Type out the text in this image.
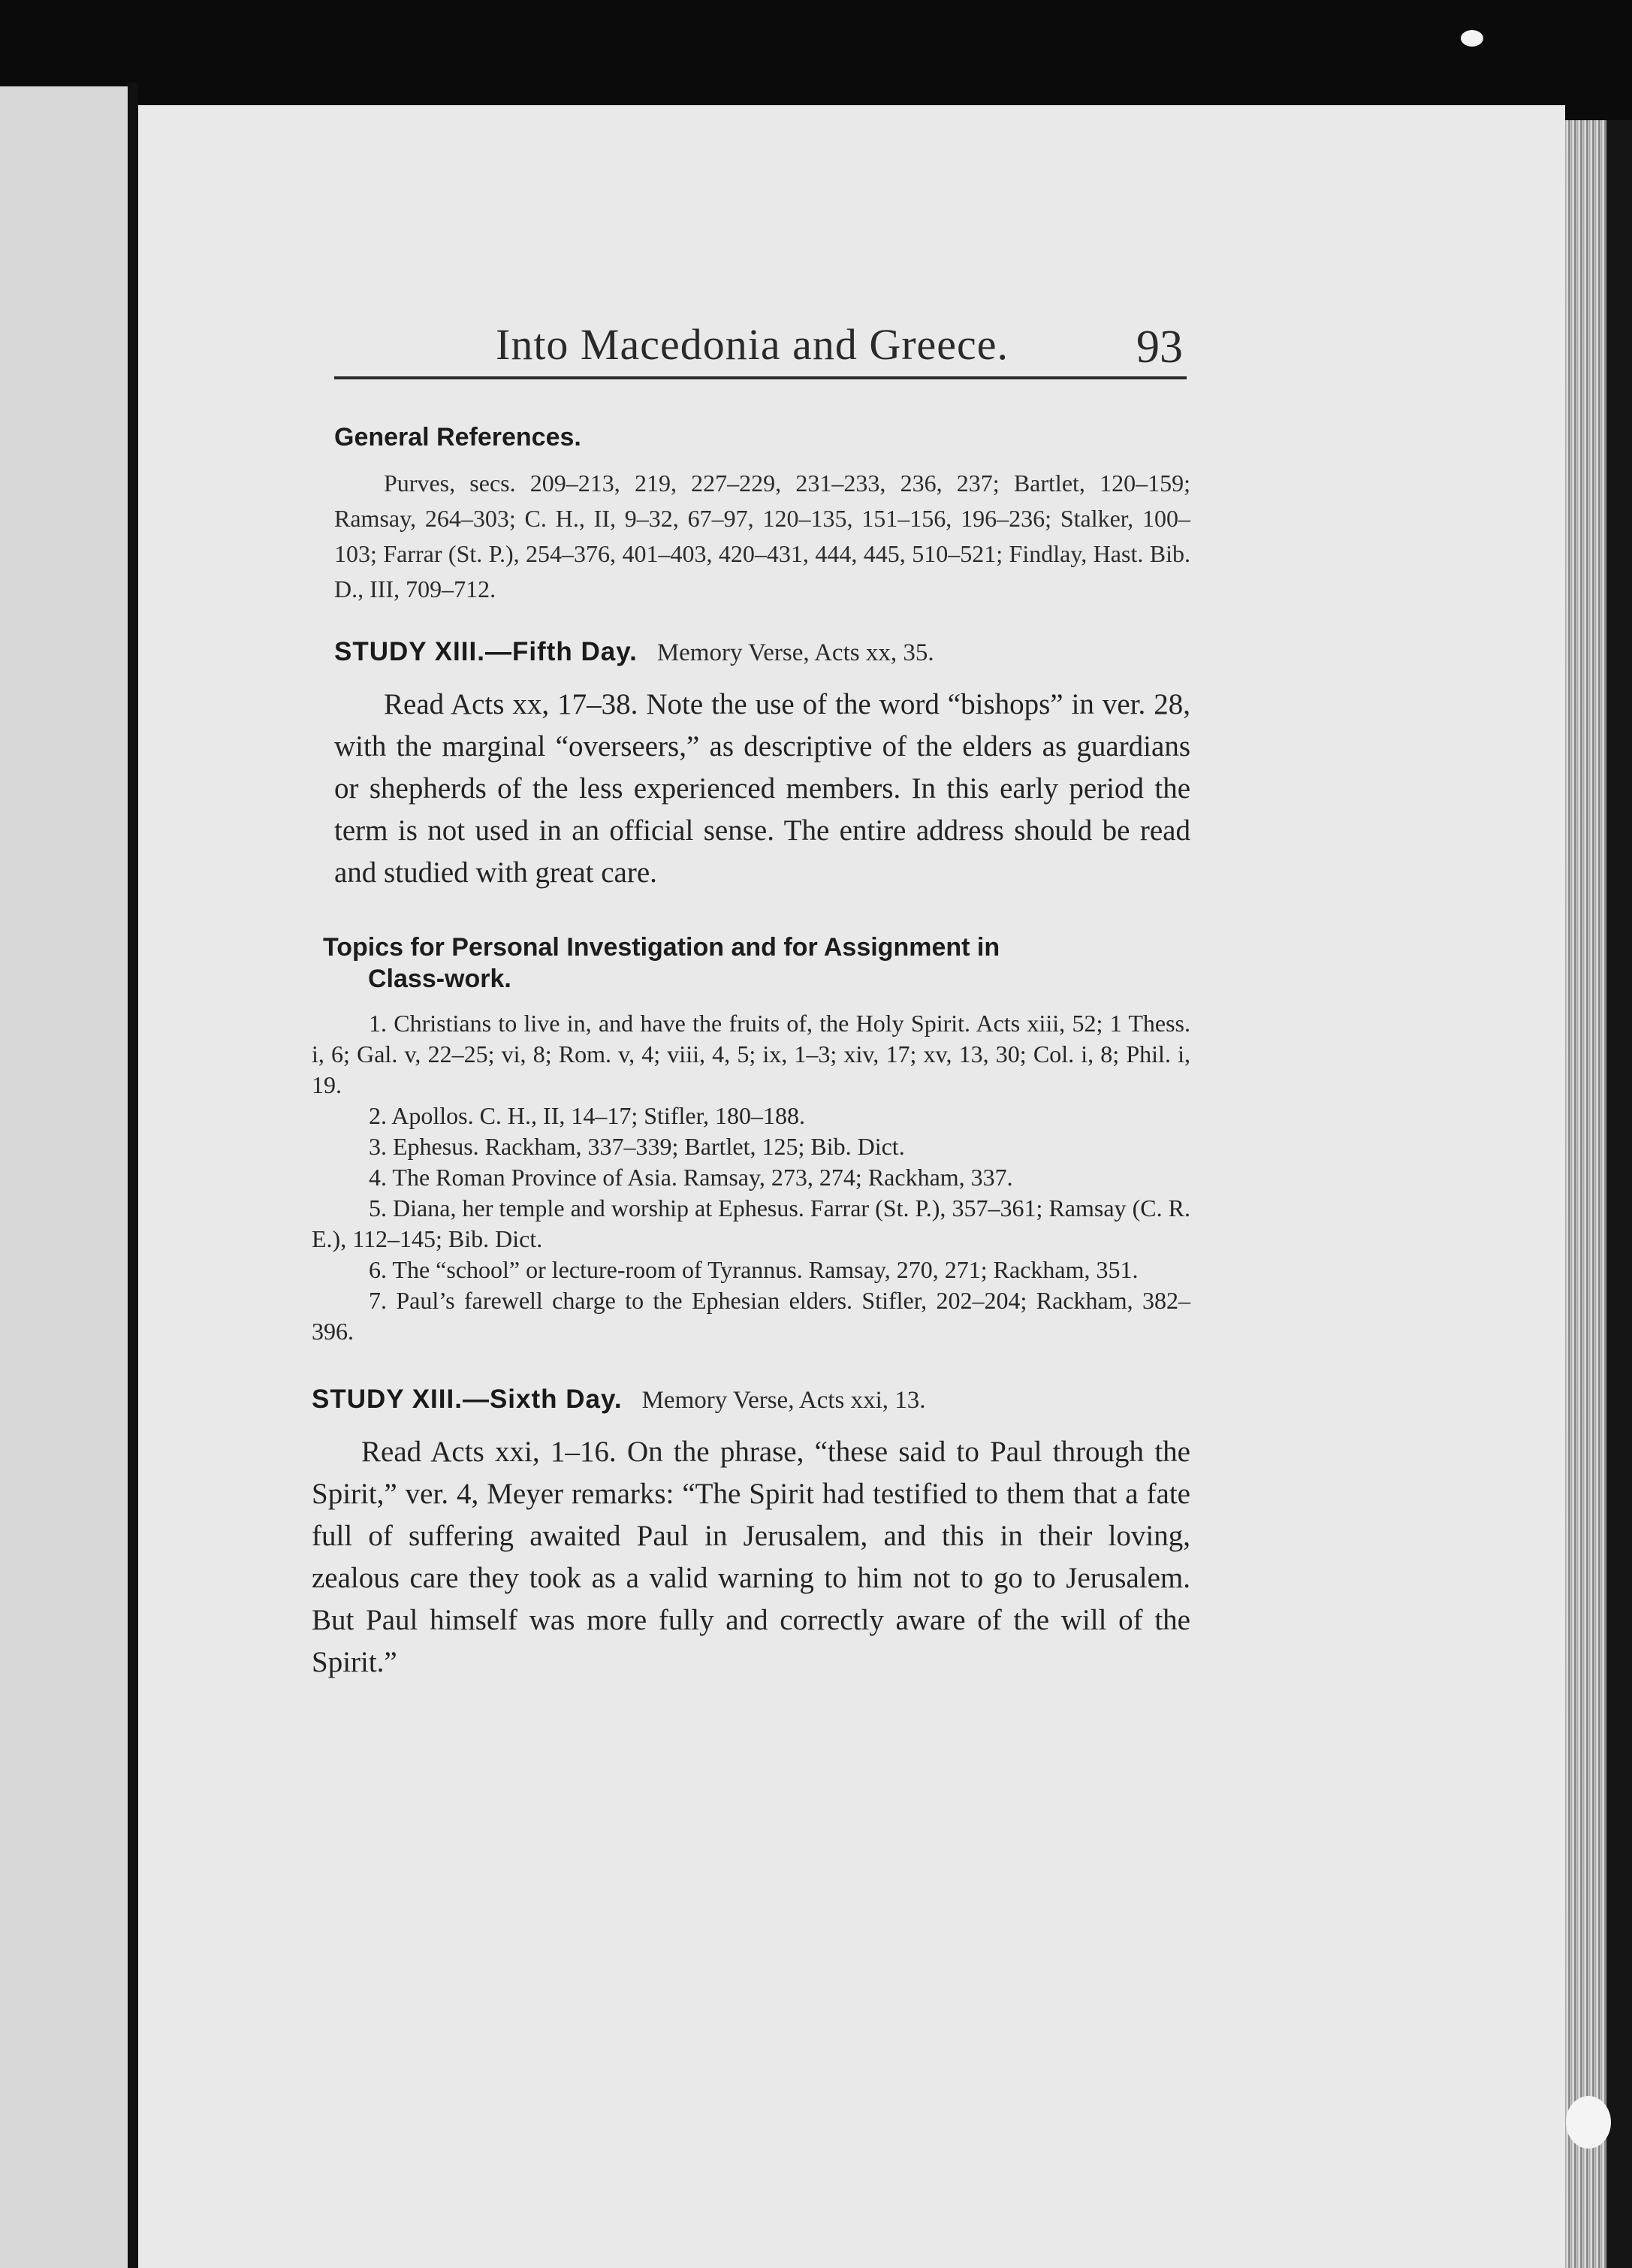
Into Macedonia and Greece.	93
General References.
Purves, secs. 209–213, 219, 227–229, 231–233, 236, 237; Bartlet, 120–159; Ramsay, 264–303; C. H., II, 9–32, 67–97, 120–135, 151–156, 196–236; Stalker, 100–103; Farrar (St. P.), 254–376, 401–403, 420–431, 444, 445, 510–521; Findlay, Hast. Bib. D., III, 709–712.
STUDY XIII.—Fifth Day. Memory Verse, Acts xx, 35.
Read Acts xx, 17–38. Note the use of the word “bishops” in ver. 28, with the marginal “overseers,” as descriptive of the elders as guardians or shepherds of the less experienced members. In this early period the term is not used in an official sense. The entire address should be read and studied with great care.
Topics for Personal Investigation and for Assignment in
Class-work.
1. Christians to live in, and have the fruits of, the Holy Spirit. Acts xiii, 52; 1 Thess. i, 6; Gal. v, 22–25; vi, 8; Rom. v, 4; viii, 4, 5; ix, 1–3; xiv, 17; xv, 13, 30; Col. i, 8; Phil. i, 19.
2. Apollos. C. H., II, 14–17; Stifler, 180–188.
3. Ephesus. Rackham, 337–339; Bartlet, 125; Bib. Dict.
4. The Roman Province of Asia. Ramsay, 273, 274; Rackham, 337.
5. Diana, her temple and worship at Ephesus. Farrar (St. P.), 357–361; Ramsay (C. R. E.), 112–145; Bib. Dict.
6. The “school” or lecture-room of Tyrannus. Ramsay, 270, 271; Rackham, 351.
7. Paul’s farewell charge to the Ephesian elders. Stifler, 202–204; Rackham, 382–396.
STUDY XIII.—Sixth Day. Memory Verse, Acts xxi, 13.
Read Acts xxi, 1–16. On the phrase, “these said to Paul through the Spirit,” ver. 4, Meyer remarks: “The Spirit had testified to them that a fate full of suffering awaited Paul in Jerusalem, and this in their loving, zealous care they took as a valid warning to him not to go to Jerusalem. But Paul himself was more fully and correctly aware of the will of the Spirit.”
